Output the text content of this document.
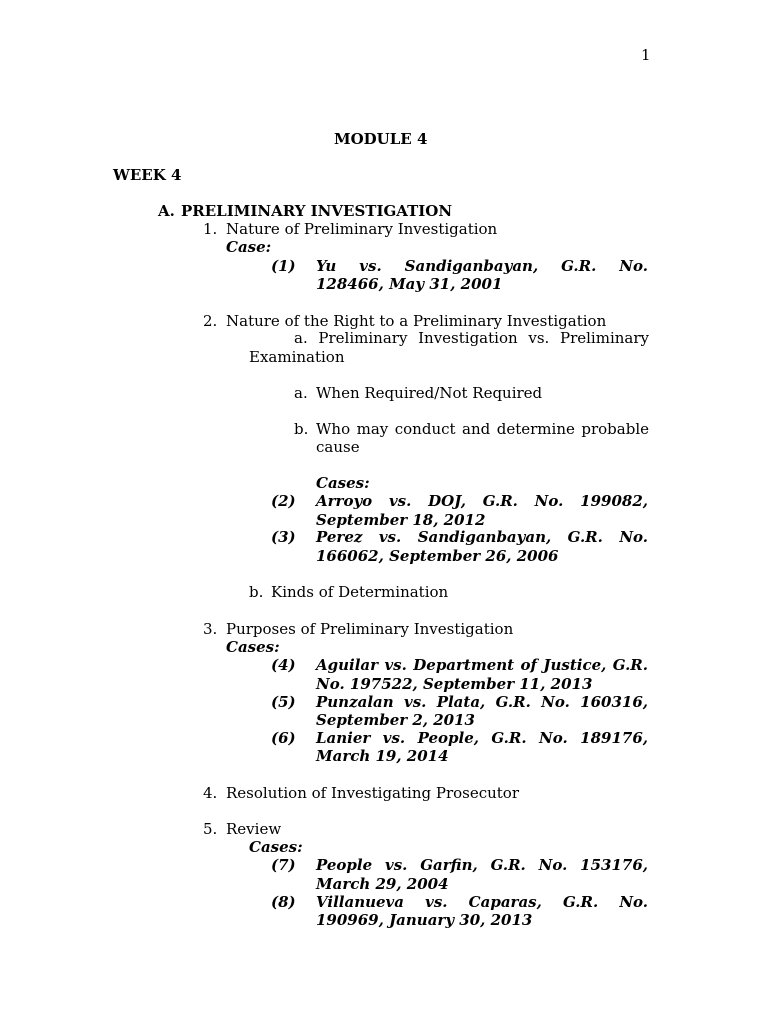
1
MODULE 4
WEEK 4
A. PRELIMINARY INVESTIGATION
1. Nature of Preliminary Investigation
Case:
(1) Yu vs. Sandiganbayan, G.R. No.
128466, May 31, 2001
2. Nature of the Right to a Preliminary Investigation
a. Preliminary Investigation vs. Preliminary
Examination
a. When Required/Not Required
b. Who may conduct and determine probable
cause
Cases:
(2) Arroyo vs. DOJ, G.R. No. 199082,
September 18, 2012
(3) Perez vs. Sandiganbayan, G.R. No.
166062, September 26, 2006
b. Kinds of Determination
3. Purposes of Preliminary Investigation
Cases:
(4) Aguilar vs. Department of Justice, G.R.
No. 197522, September 11, 2013
(5) Punzalan vs. Plata, G.R. No. 160316,
September 2, 2013
(6) Lanier vs. People, G.R. No. 189176,
March 19, 2014
4. Resolution of Investigating Prosecutor
5. Review
Cases:
(7) People vs. Garfin, G.R. No. 153176,
March 29, 2004
(8) Villanueva vs. Caparas, G.R. No.
190969, January 30, 2013
